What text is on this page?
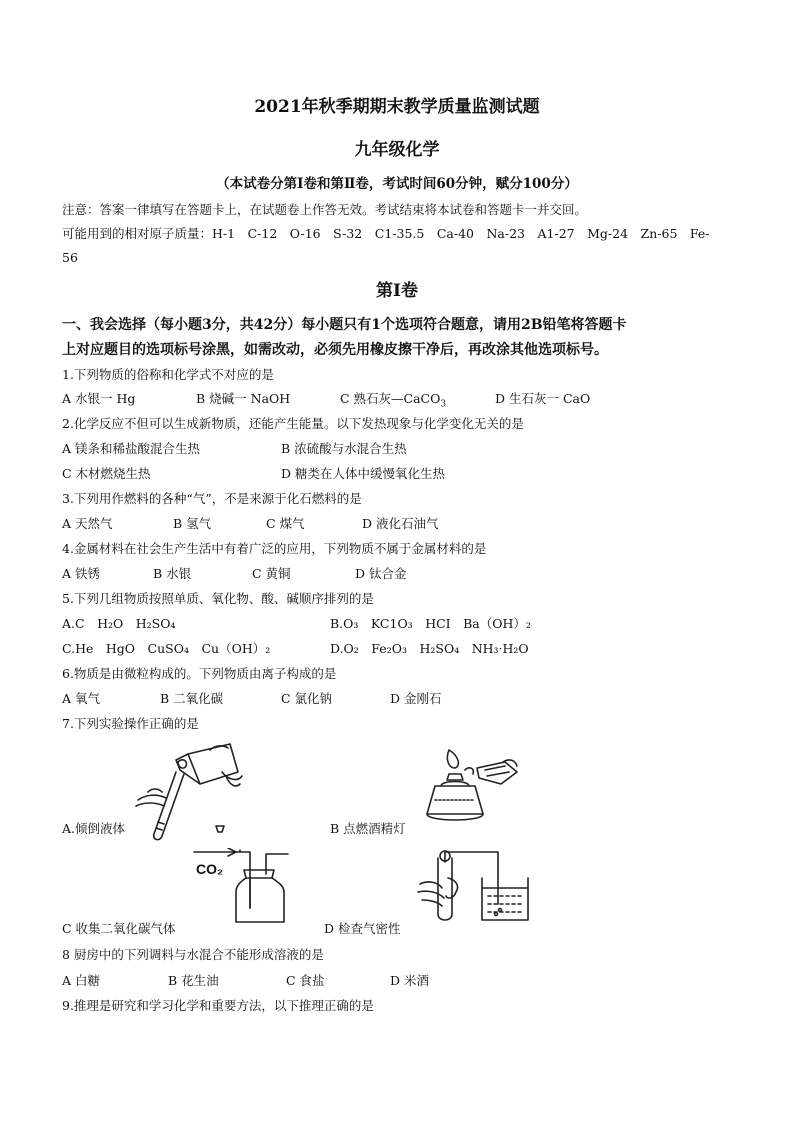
2021年秋季期期末教学质量监测试题
九年级化学
（本试卷分第Ⅰ卷和第Ⅱ卷，考试时间60分钟，赋分100分）
注意：答案一律填写在答题卡上，在试题卷上作答无效。考试结束将本试卷和答题卡一并交回。
可能用到的相对原子质量：H-1　C-12　O-16　S-32　C1-35.5　Ca-40　Na-23　A1-27　Mg-24　Zn-65　Fe-
56
第Ⅰ卷
一、我会选择（每小题3分，共42分）每小题只有1个选项符合题意，请用2B铅笔将答题卡
上对应题目的选项标号涂黑，如需改动，必须先用橡皮擦干净后，再改涂其他选项标号。
1.下列物质的俗称和化学式不对应的是
A 水银一 Hg	B 烧碱一 NaOH	C 熟石灰—CaCO$_3$	D 生石灰一 CaO
2.化学反应不但可以生成新物质，还能产生能量。以下发热现象与化学变化无关的是
A 镁条和稀盐酸混合生热	B 浓硫酸与水混合生热
C 木材燃烧生热	D 糖类在人体中缓慢氧化生热
3.下列用作燃料的各种“气”，不是来源于化石燃料的是
A 天然气	B 氢气	C 煤气	D 液化石油气
4.金属材料在社会生产生活中有着广泛的应用，下列物质不属于金属材料的是
A 铁锈	B 水银	C 黄铜	D 钛合金
5.下列几组物质按照单质、氧化物、酸、碱顺序排列的是
A.C　H₂O　H₂SO₄	B.O₃　KC1O₃　HCI　Ba（OH）₂
C.He　HgO　CuSO₄　Cu（OH）₂	D.O₂　Fe₂O₃　H₂SO₄　NH₃·H₂O
6.物质是由微粒构成的。下列物质由离子构成的是
A 氧气	B 二氧化碳	C 氯化钠	D 金刚石
7.下列实验操作正确的是
A.倾倒液体	B 点燃酒精灯
CO₂
C 收集二氧化碳气体	D 检查气密性
8 厨房中的下列调料与水混合不能形成溶液的是
A 白糖	B 花生油	C 食盐	D 米酒
9.推理是研究和学习化学和重要方法，以下推理正确的是
